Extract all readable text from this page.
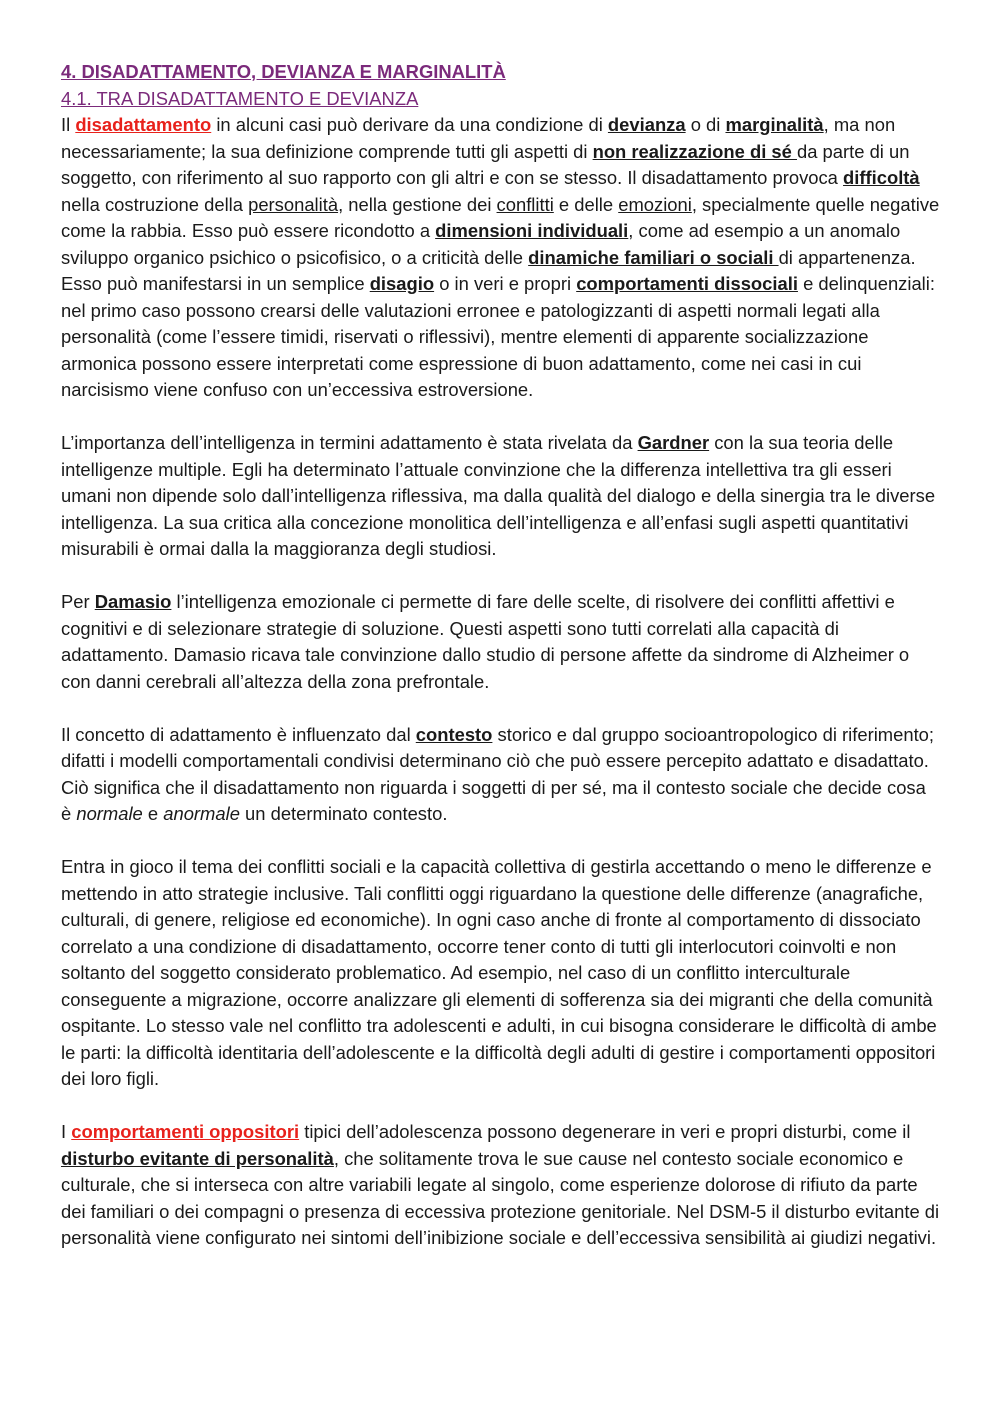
4. DISADATTAMENTO, DEVIANZA E MARGINALITÀ
4.1. TRA DISADATTAMENTO E DEVIANZA

Il disadattamento in alcuni casi può derivare da una condizione di devianza o di marginalità, ma non necessariamente; la sua definizione comprende tutti gli aspetti di non realizzazione di sé da parte di un soggetto, con riferimento al suo rapporto con gli altri e con se stesso. Il disadattamento provoca difficoltà nella costruzione della personalità, nella gestione dei conflitti e delle emozioni, specialmente quelle negative come la rabbia. Esso può essere ricondotto a dimensioni individuali, come ad esempio a un anomalo sviluppo organico psichico o psicofisico, o a criticità delle dinamiche familiari o sociali di appartenenza. Esso può manifestarsi in un semplice disagio o in veri e propri comportamenti dissociali e delinquenziali: nel primo caso possono crearsi delle valutazioni erronee e patologizzanti di aspetti normali legati alla personalità (come l’essere timidi, riservati o riflessivi), mentre elementi di apparente socializzazione armonica possono essere interpretati come espressione di buon adattamento, come nei casi in cui narcisismo viene confuso con un’eccessiva estroversione.

L’importanza dell’intelligenza in termini adattamento è stata rivelata da Gardner con la sua teoria delle intelligenze multiple. Egli ha determinato l’attuale convinzione che la differenza intellettiva tra gli esseri umani non dipende solo dall’intelligenza riflessiva, ma dalla qualità del dialogo e della sinergia tra le diverse intelligenza. La sua critica alla concezione monolitica dell’intelligenza e all’enfasi sugli aspetti quantitativi misurabili è ormai dalla la maggioranza degli studiosi.

Per Damasio l’intelligenza emozionale ci permette di fare delle scelte, di risolvere dei conflitti affettivi e cognitivi e di selezionare strategie di soluzione. Questi aspetti sono tutti correlati alla capacità di adattamento. Damasio ricava tale convinzione dallo studio di persone affette da sindrome di Alzheimer o con danni cerebrali all’altezza della zona prefrontale.

Il concetto di adattamento è influenzato dal contesto storico e dal gruppo socioantropologico di riferimento; difatti i modelli comportamentali condivisi determinano ciò che può essere percepito adattato e disadattato. Ciò significa che il disadattamento non riguarda i soggetti di per sé, ma il contesto sociale che decide cosa è normale e anormale un determinato contesto.

Entra in gioco il tema dei conflitti sociali e la capacità collettiva di gestirla accettando o meno le differenze e mettendo in atto strategie inclusive. Tali conflitti oggi riguardano la questione delle differenze (anagrafiche, culturali, di genere, religiose ed economiche). In ogni caso anche di fronte al comportamento di dissociato correlato a una condizione di disadattamento, occorre tener conto di tutti gli interlocutori coinvolti e non soltanto del soggetto considerato problematico. Ad esempio, nel caso di un conflitto interculturale conseguente a migrazione, occorre analizzare gli elementi di sofferenza sia dei migranti che della comunità ospitante. Lo stesso vale nel conflitto tra adolescenti e adulti, in cui bisogna considerare le difficoltà di ambe le parti: la difficoltà identitaria dell’adolescente e la difficoltà degli adulti di gestire i comportamenti oppositori dei loro figli.

I comportamenti oppositori tipici dell’adolescenza possono degenerare in veri e propri disturbi, come il disturbo evitante di personalità, che solitamente trova le sue cause nel contesto sociale economico e culturale, che si interseca con altre variabili legate al singolo, come esperienze dolorose di rifiuto da parte dei familiari o dei compagni o presenza di eccessiva protezione genitoriale. Nel DSM-5 il disturbo evitante di personalità viene configurato nei sintomi dell’inibizione sociale e dell’eccessiva sensibilità ai giudizi negativi.
